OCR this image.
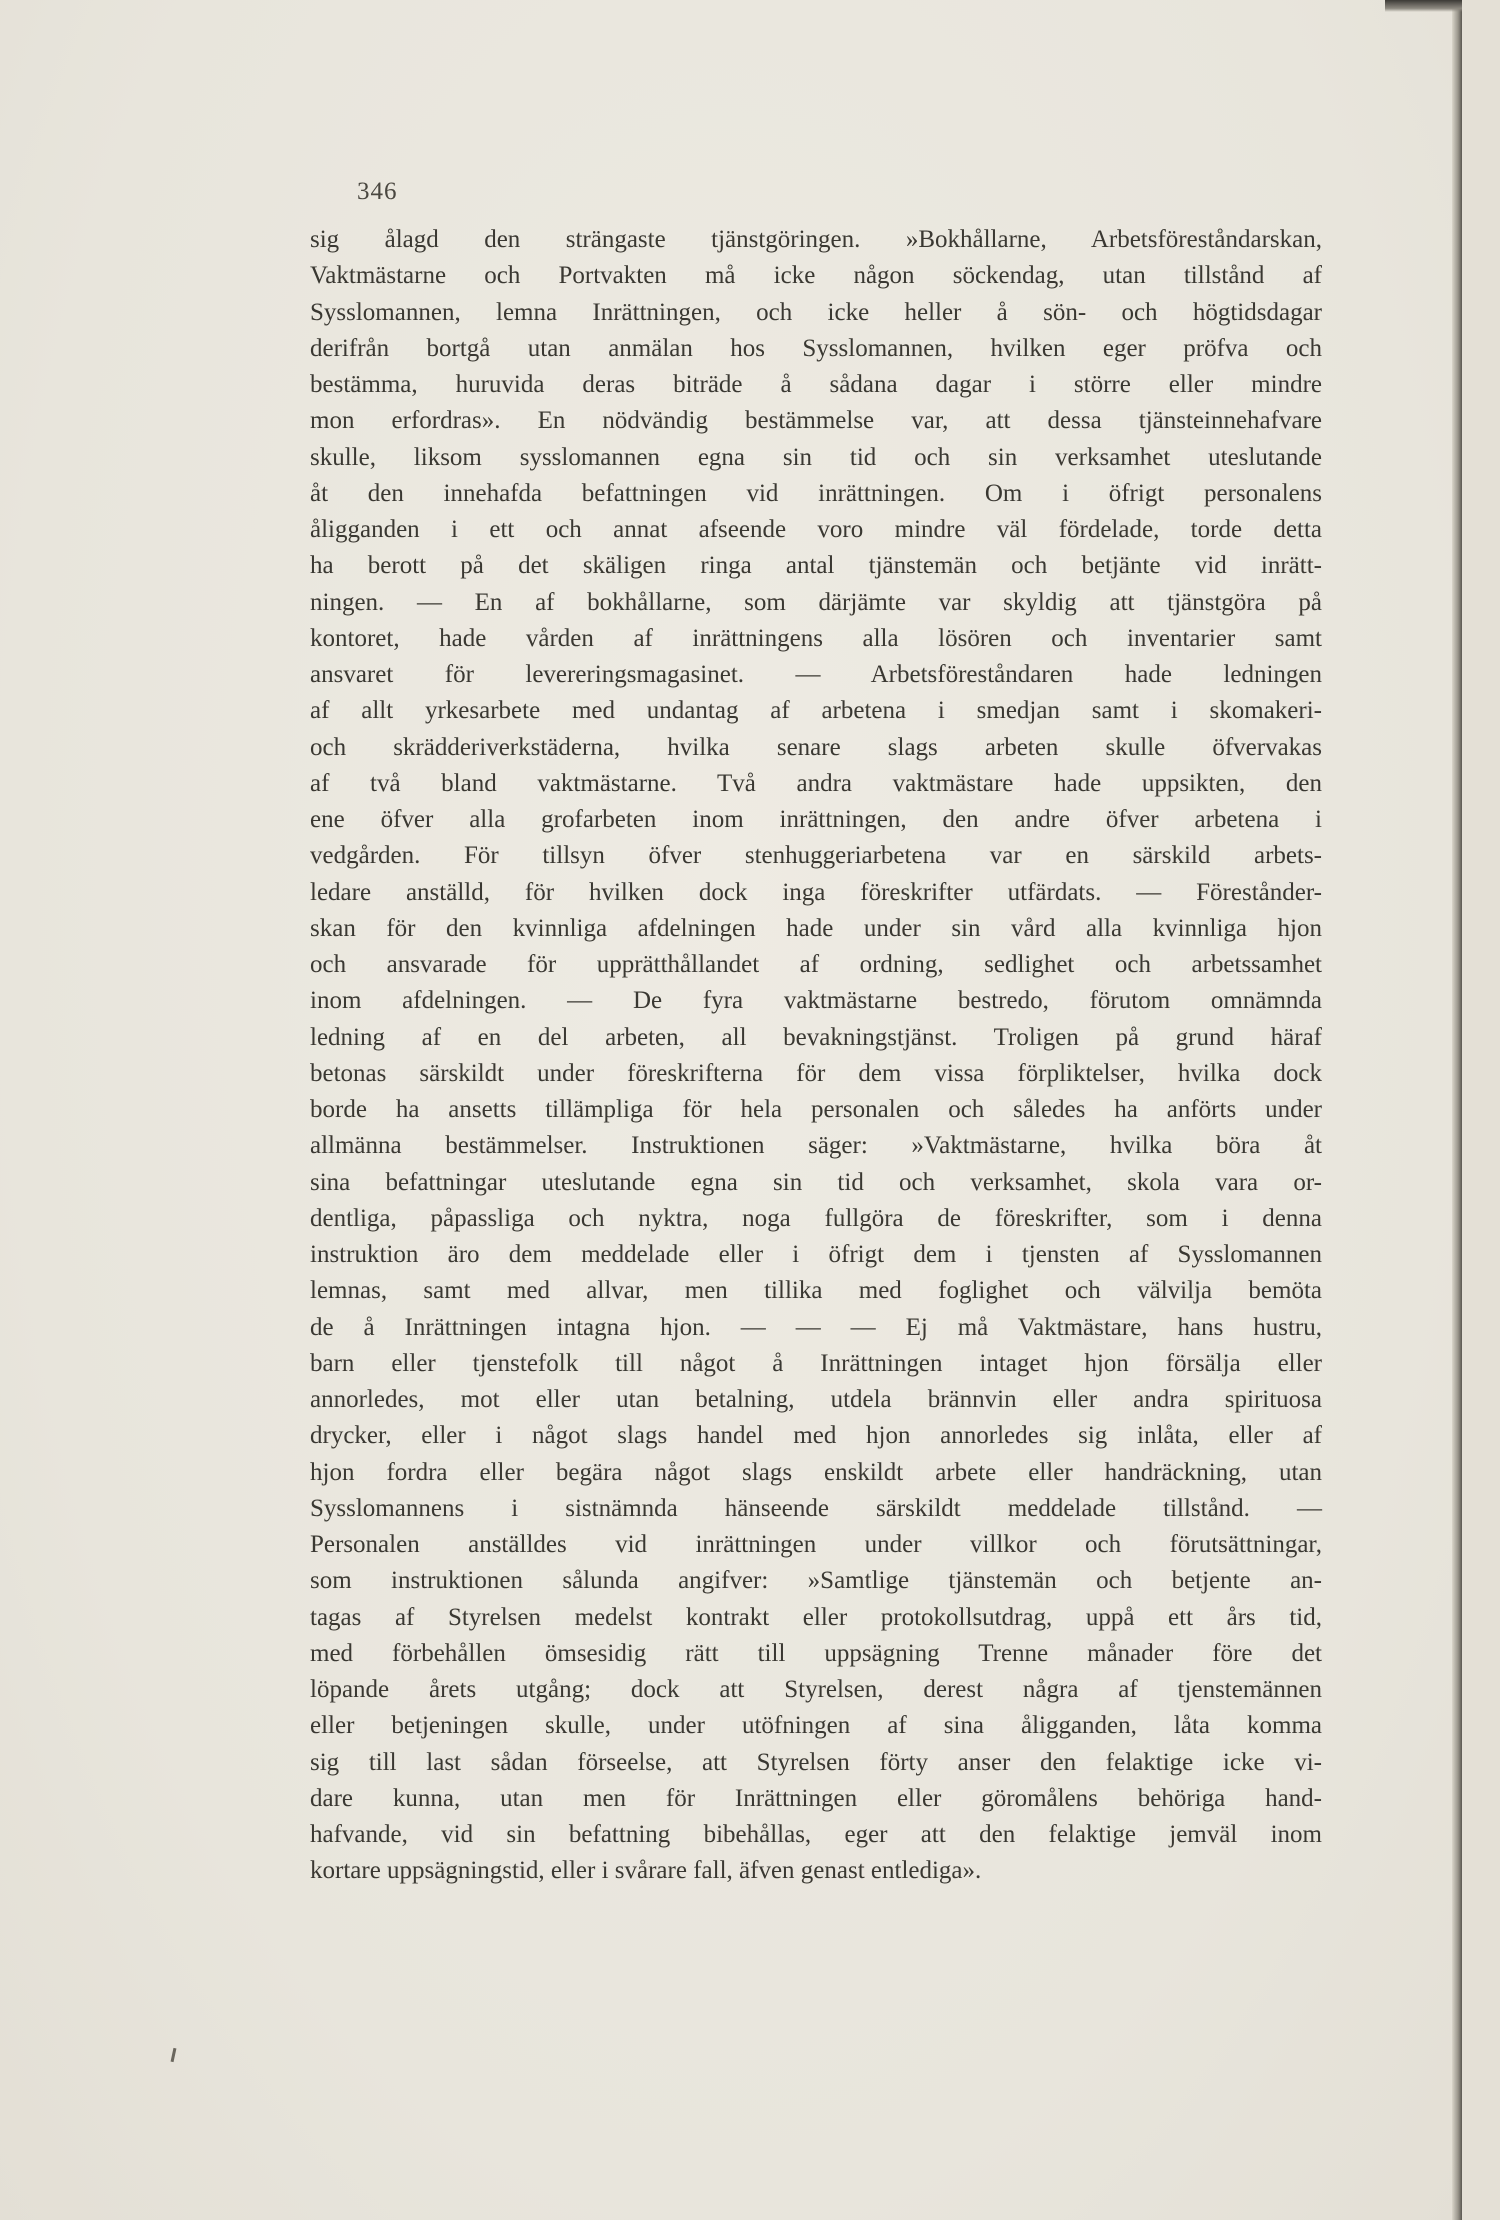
346
sig ålagd den strängaste tjänstgöringen. »Bokhållarne, Arbetsföreståndarskan,
Vaktmästarne och Portvakten må icke någon söckendag, utan tillstånd af
Sysslomannen, lemna Inrättningen, och icke heller å sön- och högtidsdagar
derifrån bortgå utan anmälan hos Sysslomannen, hvilken eger pröfva och
bestämma, huruvida deras biträde å sådana dagar i större eller mindre
mon erfordras». En nödvändig bestämmelse var, att dessa tjänsteinnehafvare
skulle, liksom sysslomannen egna sin tid och sin verksamhet uteslutande
åt den innehafda befattningen vid inrättningen. Om i öfrigt personalens
åligganden i ett och annat afseende voro mindre väl fördelade, torde detta
ha berott på det skäligen ringa antal tjänstemän och betjänte vid inrätt-
ningen. — En af bokhållarne, som därjämte var skyldig att tjänstgöra på
kontoret, hade vården af inrättningens alla lösören och inventarier samt
ansvaret för levereringsmagasinet. — Arbetsföreståndaren hade ledningen
af allt yrkesarbete med undantag af arbetena i smedjan samt i skomakeri-
och skrädderiverkstäderna, hvilka senare slags arbeten skulle öfvervakas
af två bland vaktmästarne. Två andra vaktmästare hade uppsikten, den
ene öfver alla grofarbeten inom inrättningen, den andre öfver arbetena i
vedgården. För tillsyn öfver stenhuggeriarbetena var en särskild arbets-
ledare anställd, för hvilken dock inga föreskrifter utfärdats. — Förestånder-
skan för den kvinnliga afdelningen hade under sin vård alla kvinnliga hjon
och ansvarade för upprätthållandet af ordning, sedlighet och arbetssamhet
inom afdelningen. — De fyra vaktmästarne bestredo, förutom omnämnda
ledning af en del arbeten, all bevakningstjänst. Troligen på grund häraf
betonas särskildt under föreskrifterna för dem vissa förpliktelser, hvilka dock
borde ha ansetts tillämpliga för hela personalen och således ha anförts under
allmänna bestämmelser. Instruktionen säger: »Vaktmästarne, hvilka böra åt
sina befattningar uteslutande egna sin tid och verksamhet, skola vara or-
dentliga, påpassliga och nyktra, noga fullgöra de föreskrifter, som i denna
instruktion äro dem meddelade eller i öfrigt dem i tjensten af Sysslomannen
lemnas, samt med allvar, men tillika med foglighet och välvilja bemöta
de å Inrättningen intagna hjon. — — — Ej må Vaktmästare, hans hustru,
barn eller tjenstefolk till något å Inrättningen intaget hjon försälja eller
annorledes, mot eller utan betalning, utdela brännvin eller andra spirituosa
drycker, eller i något slags handel med hjon annorledes sig inlåta, eller af
hjon fordra eller begära något slags enskildt arbete eller handräckning, utan
Sysslomannens i sistnämnda hänseende särskildt meddelade tillstånd. —
Personalen anställdes vid inrättningen under villkor och förutsättningar,
som instruktionen sålunda angifver: »Samtlige tjänstemän och betjente an-
tagas af Styrelsen medelst kontrakt eller protokollsutdrag, uppå ett års tid,
med förbehållen ömsesidig rätt till uppsägning Trenne månader före det
löpande årets utgång; dock att Styrelsen, derest några af tjenstemännen
eller betjeningen skulle, under utöfningen af sina åligganden, låta komma
sig till last sådan förseelse, att Styrelsen förty anser den felaktige icke vi-
dare kunna, utan men för Inrättningen eller göromålens behöriga hand-
hafvande, vid sin befattning bibehållas, eger att den felaktige jemväl inom
kortare uppsägningstid, eller i svårare fall, äfven genast entlediga».
